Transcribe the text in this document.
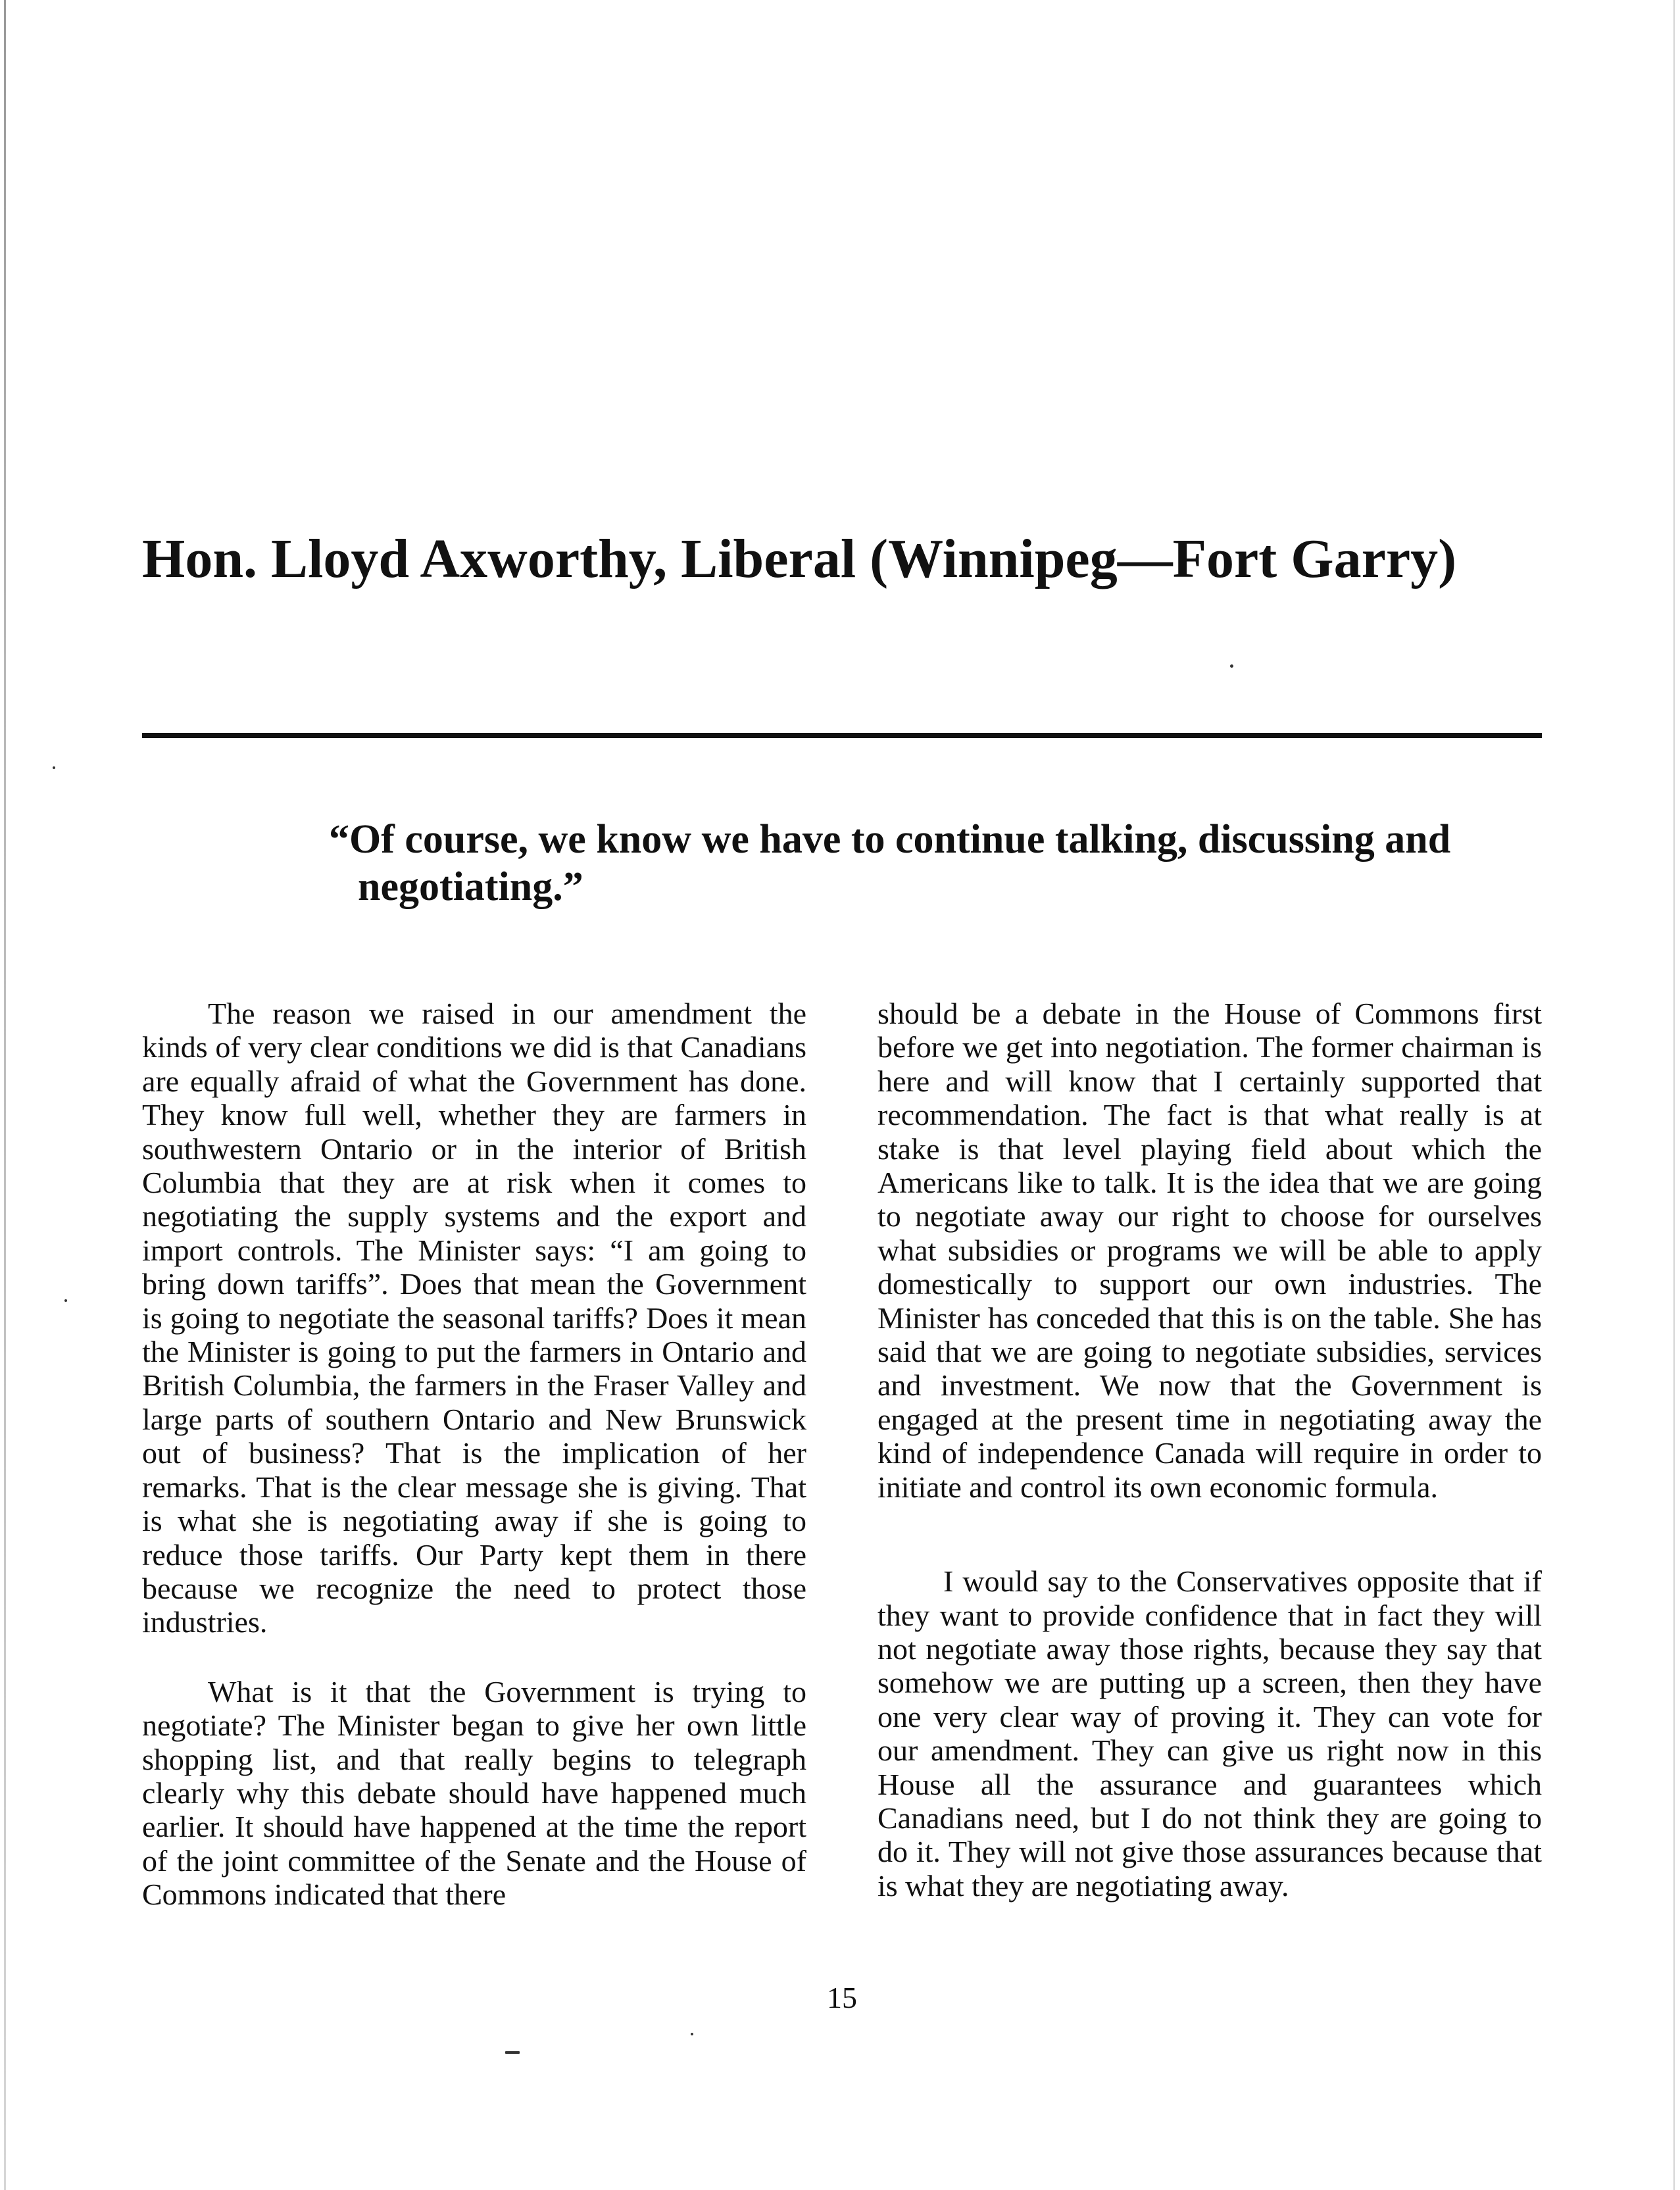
Hon. Lloyd Axworthy, Liberal (Winnipeg—Fort Garry)
“Of course, we know we have to continue talking, discussing and negotiating.”

The reason we raised in our amendment the kinds of very clear conditions we did is that Canadians are equally afraid of what the Government has done. They know full well, whether they are farmers in southwestern Ontario or in the interior of British Columbia that they are at risk when it comes to negotiating the supply systems and the export and import controls. The Minister says: “I am going to bring down tariffs”. Does that mean the Government is going to negotiate the seasonal tariffs? Does it mean the Minister is going to put the farmers in Ontario and British Columbia, the farmers in the Fraser Valley and large parts of southern Ontario and New Brunswick out of business? That is the implication of her remarks. That is the clear message she is giving. That is what she is negotiating away if she is going to reduce those tariffs. Our Party kept them in there because we recognize the need to protect those industries.

What is it that the Government is trying to negotiate? The Minister began to give her own little shopping list, and that really begins to telegraph clearly why this debate should have happened much earlier. It should have happened at the time the report of the joint committee of the Senate and the House of Commons indicated that there

should be a debate in the House of Commons first before we get into negotiation. The former chairman is here and will know that I certainly supported that recommendation. The fact is that what really is at stake is that level playing field about which the Americans like to talk. It is the idea that we are going to negotiate away our right to choose for ourselves what subsidies or programs we will be able to apply domestically to support our own industries. The Minister has conceded that this is on the table. She has said that we are going to negotiate subsidies, services and investment. We now that the Government is engaged at the present time in negotiating away the kind of independence Canada will require in order to initiate and control its own economic formula.

I would say to the Conservatives opposite that if they want to provide confidence that in fact they will not negotiate away those rights, because they say that somehow we are putting up a screen, then they have one very clear way of proving it. They can vote for our amendment. They can give us right now in this House all the assurance and guarantees which Canadians need, but I do not think they are going to do it. They will not give those assurances because that is what they are negotiating away.

15
